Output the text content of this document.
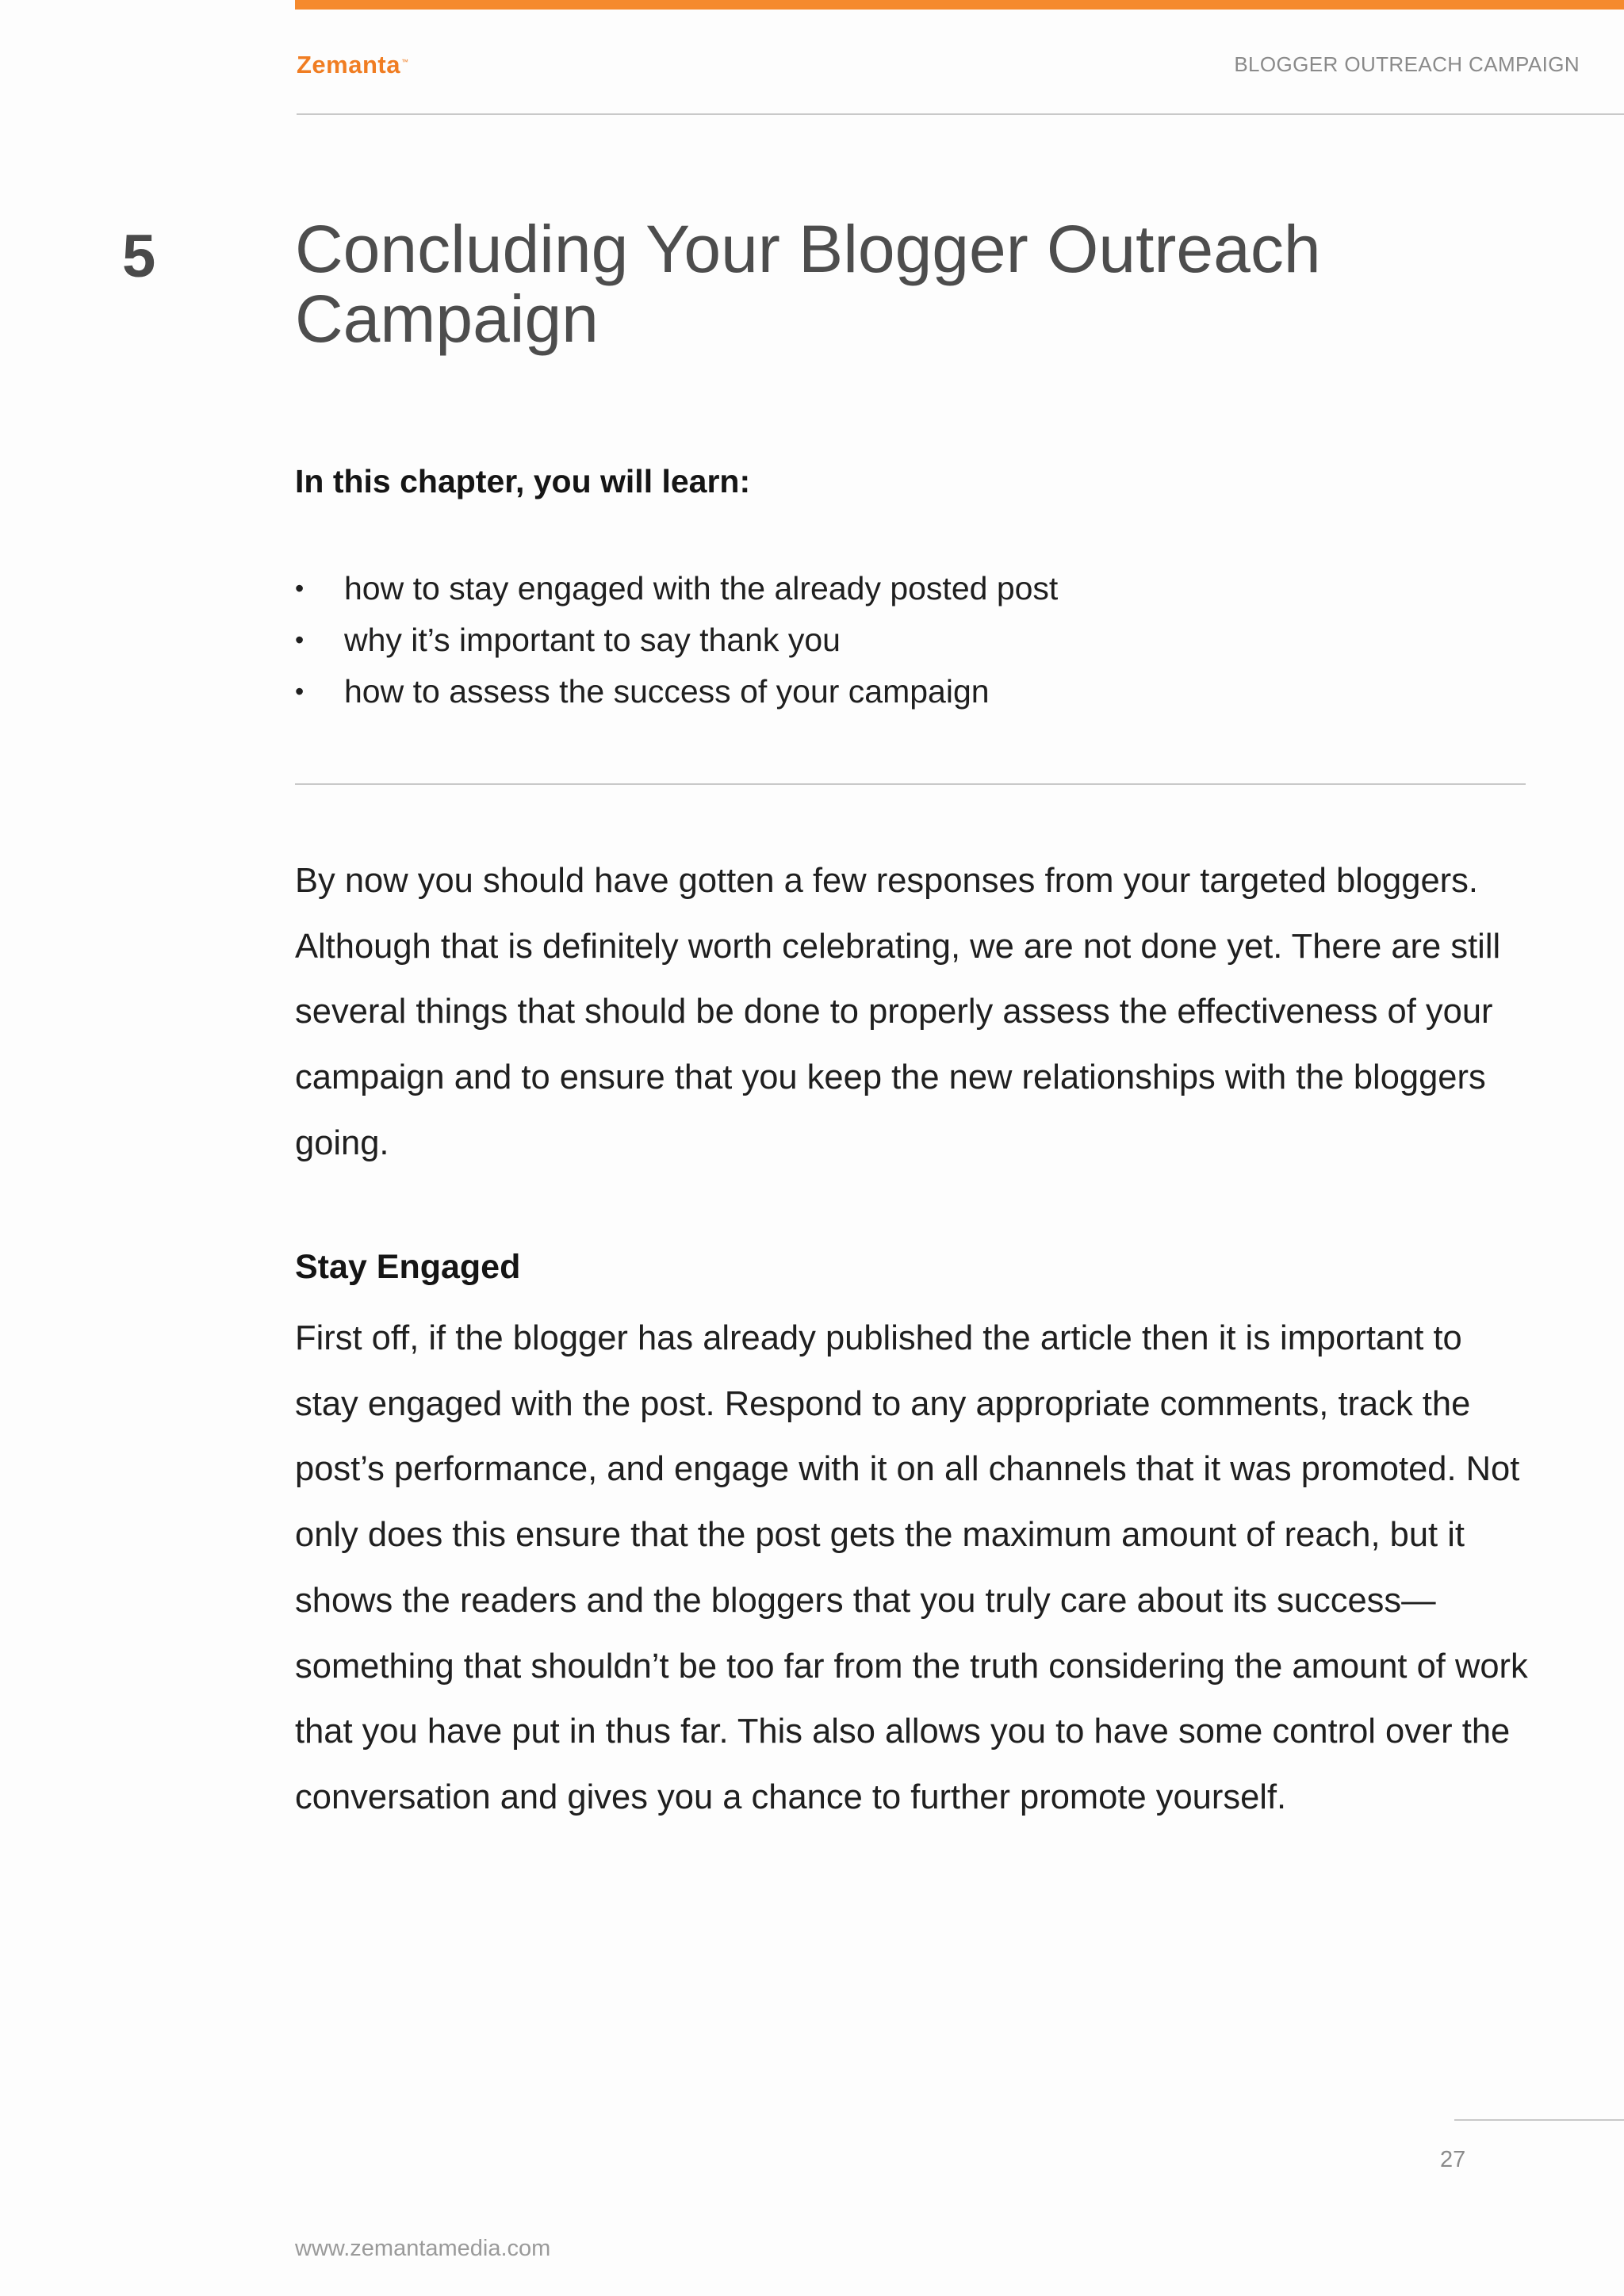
Zemanta™	BLOGGER OUTREACH CAMPAIGN
5 Concluding Your Blogger Outreach Campaign
In this chapter, you will learn:
• how to stay engaged with the already posted post
• why it’s important to say thank you
• how to assess the success of your campaign

By now you should have gotten a few responses from your targeted bloggers. Although that is definitely worth celebrating, we are not done yet. There are still several things that should be done to properly assess the effectiveness of your campaign and to ensure that you keep the new relationships with the bloggers going.

Stay Engaged

First off, if the blogger has already published the article then it is important to stay engaged with the post. Respond to any appropriate comments, track the post’s performance, and engage with it on all channels that it was promoted. Not only does this ensure that the post gets the maximum amount of reach, but it shows the readers and the bloggers that you truly care about its success—something that shouldn’t be too far from the truth considering the amount of work that you have put in thus far. This also allows you to have some control over the conversation and gives you a chance to further promote yourself.

27
www.zemantamedia.com
